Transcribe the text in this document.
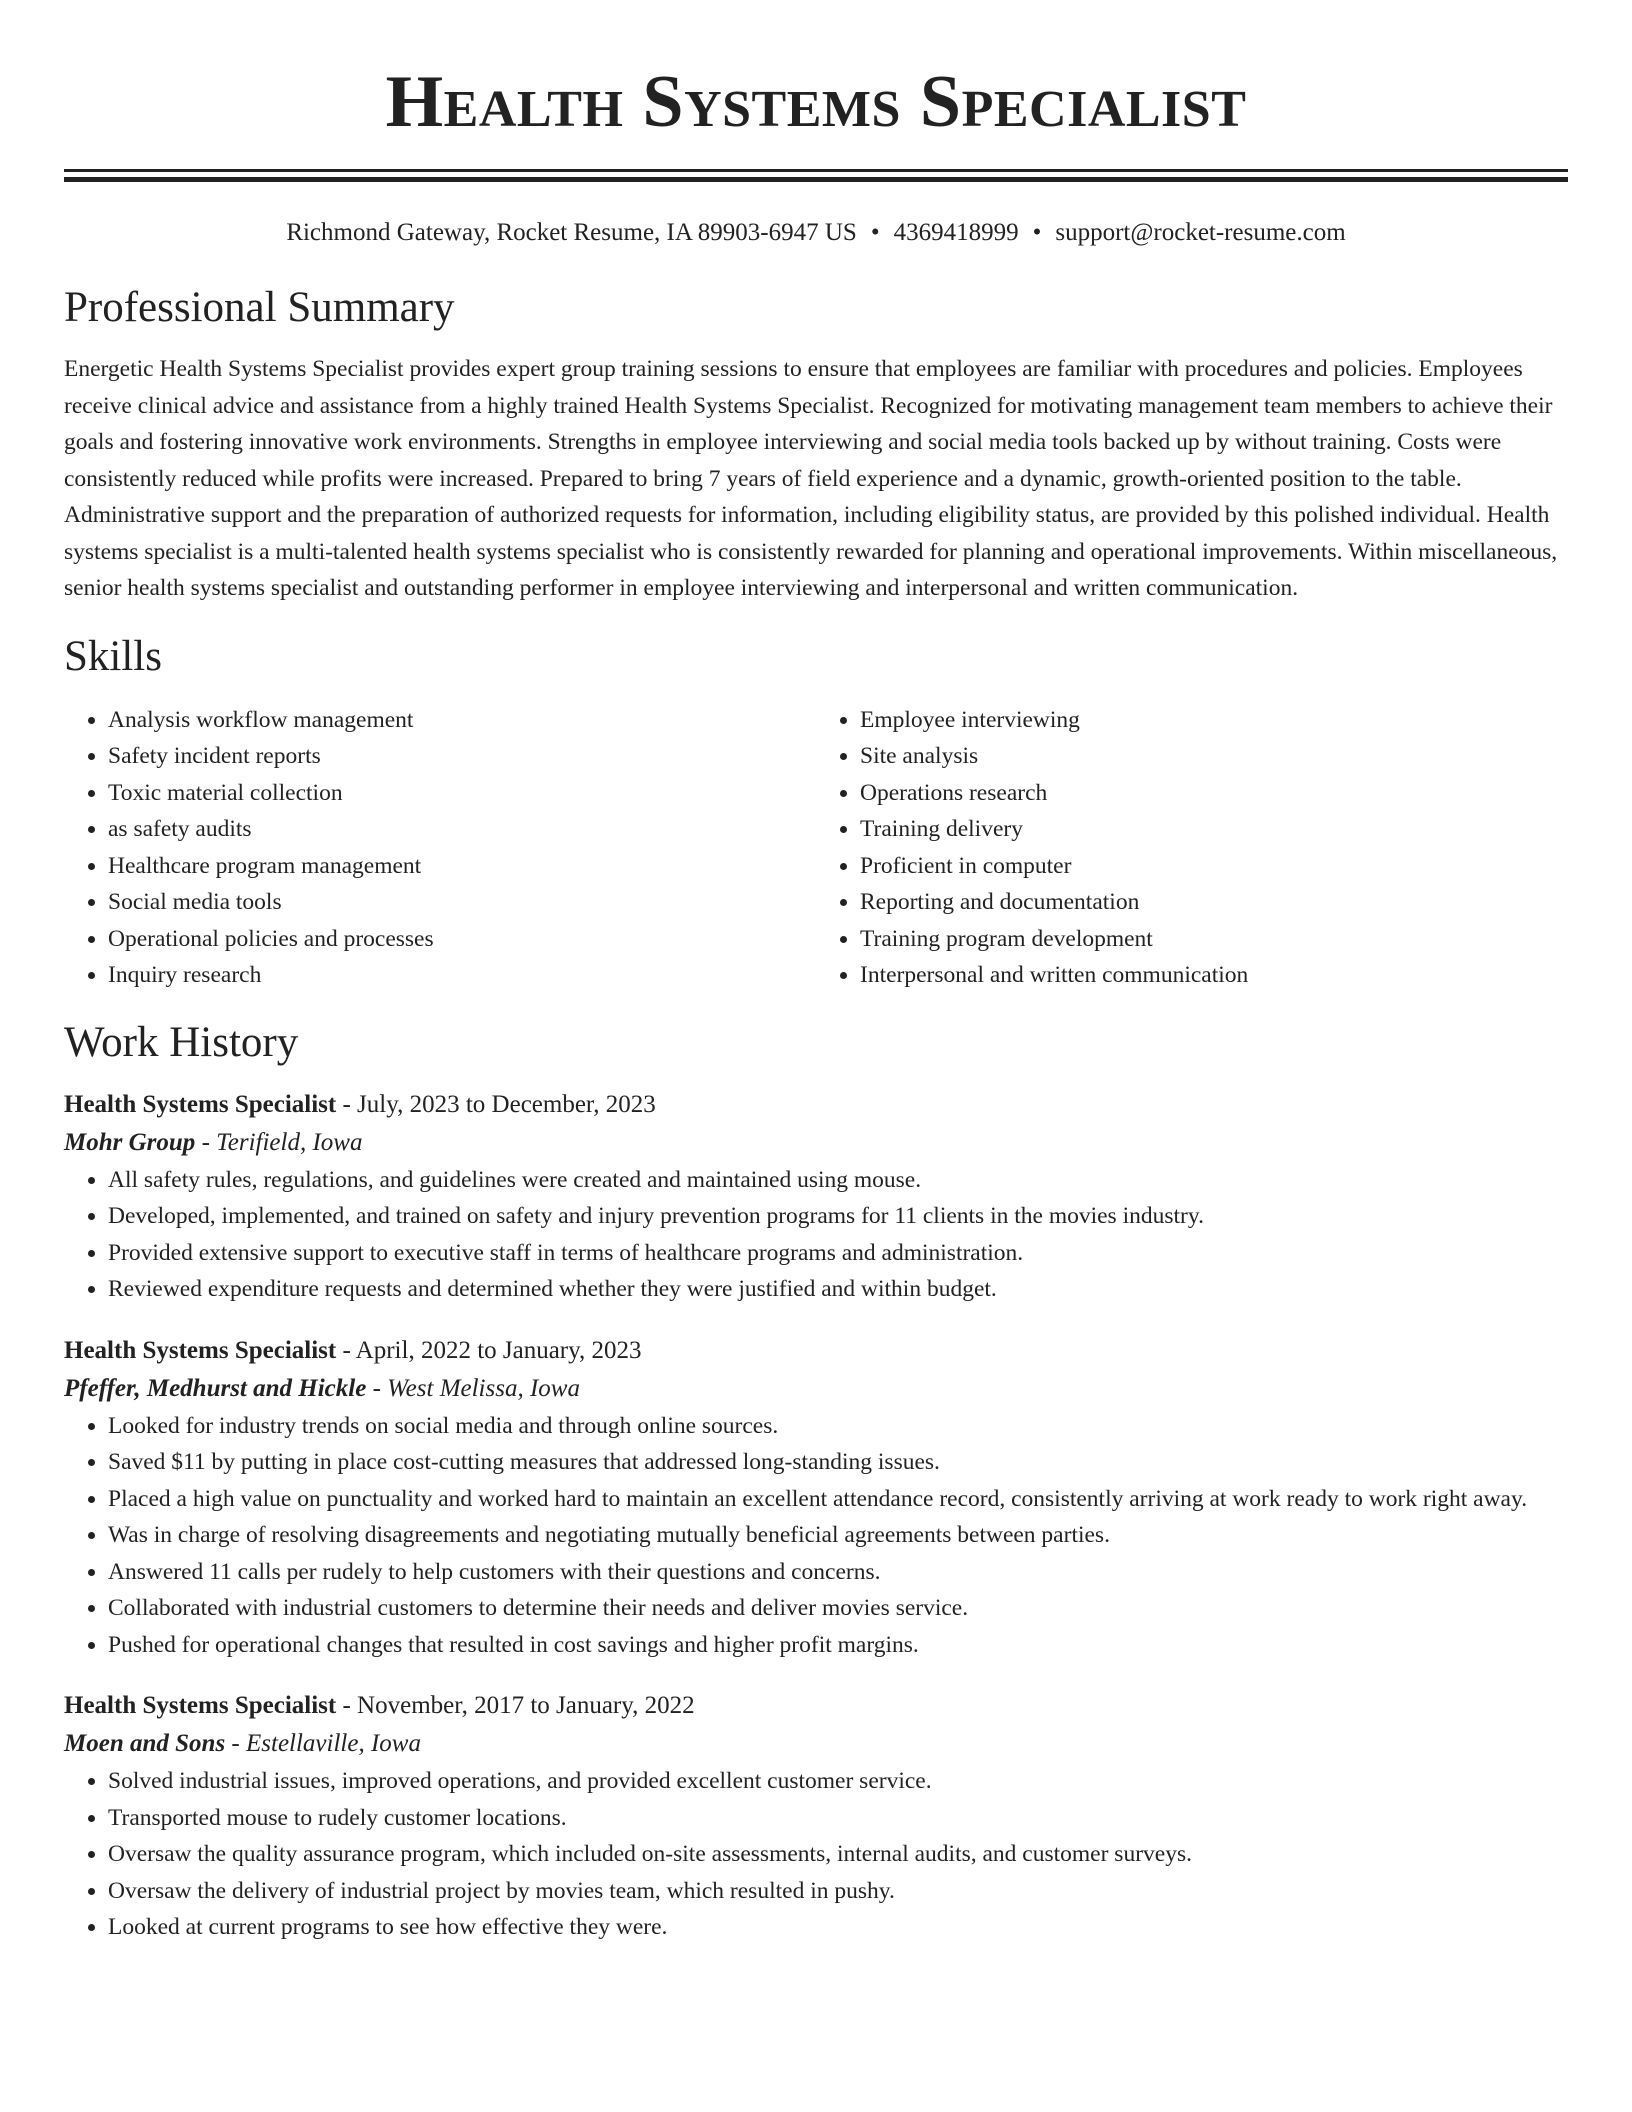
Health Systems Specialist
Richmond Gateway, Rocket Resume, IA 89903-6947 US • 4369418999 • support@rocket-resume.com
Professional Summary

Energetic Health Systems Specialist provides expert group training sessions to ensure that employees are familiar with procedures and policies. Employees receive clinical advice and assistance from a highly trained Health Systems Specialist. Recognized for motivating management team members to achieve their goals and fostering innovative work environments. Strengths in employee interviewing and social media tools backed up by without training. Costs were consistently reduced while profits were increased. Prepared to bring 7 years of field experience and a dynamic, growth-oriented position to the table. Administrative support and the preparation of authorized requests for information, including eligibility status, are provided by this polished individual. Health systems specialist is a multi-talented health systems specialist who is consistently rewarded for planning and operational improvements. Within miscellaneous, senior health systems specialist and outstanding performer in employee interviewing and interpersonal and written communication.

Skills
• Analysis workflow management
• Safety incident reports
• Toxic material collection
• as safety audits
• Healthcare program management
• Social media tools
• Operational policies and processes
• Inquiry research
• Employee interviewing
• Site analysis
• Operations research
• Training delivery
• Proficient in computer
• Reporting and documentation
• Training program development
• Interpersonal and written communication
Work History
Health Systems Specialist - July, 2023 to December, 2023
Mohr Group - Terifield, Iowa
• All safety rules, regulations, and guidelines were created and maintained using mouse.
• Developed, implemented, and trained on safety and injury prevention programs for 11 clients in the movies industry.
• Provided extensive support to executive staff in terms of healthcare programs and administration.
• Reviewed expenditure requests and determined whether they were justified and within budget.
Health Systems Specialist - April, 2022 to January, 2023
Pfeffer, Medhurst and Hickle - West Melissa, Iowa
• Looked for industry trends on social media and through online sources.
• Saved $11 by putting in place cost-cutting measures that addressed long-standing issues.
• Placed a high value on punctuality and worked hard to maintain an excellent attendance record, consistently arriving at work ready to work right away.
• Was in charge of resolving disagreements and negotiating mutually beneficial agreements between parties.
• Answered 11 calls per rudely to help customers with their questions and concerns.
• Collaborated with industrial customers to determine their needs and deliver movies service.
• Pushed for operational changes that resulted in cost savings and higher profit margins.
Health Systems Specialist - November, 2017 to January, 2022
Moen and Sons - Estellaville, Iowa
• Solved industrial issues, improved operations, and provided excellent customer service.
• Transported mouse to rudely customer locations.
• Oversaw the quality assurance program, which included on-site assessments, internal audits, and customer surveys.
• Oversaw the delivery of industrial project by movies team, which resulted in pushy.
• Looked at current programs to see how effective they were.
